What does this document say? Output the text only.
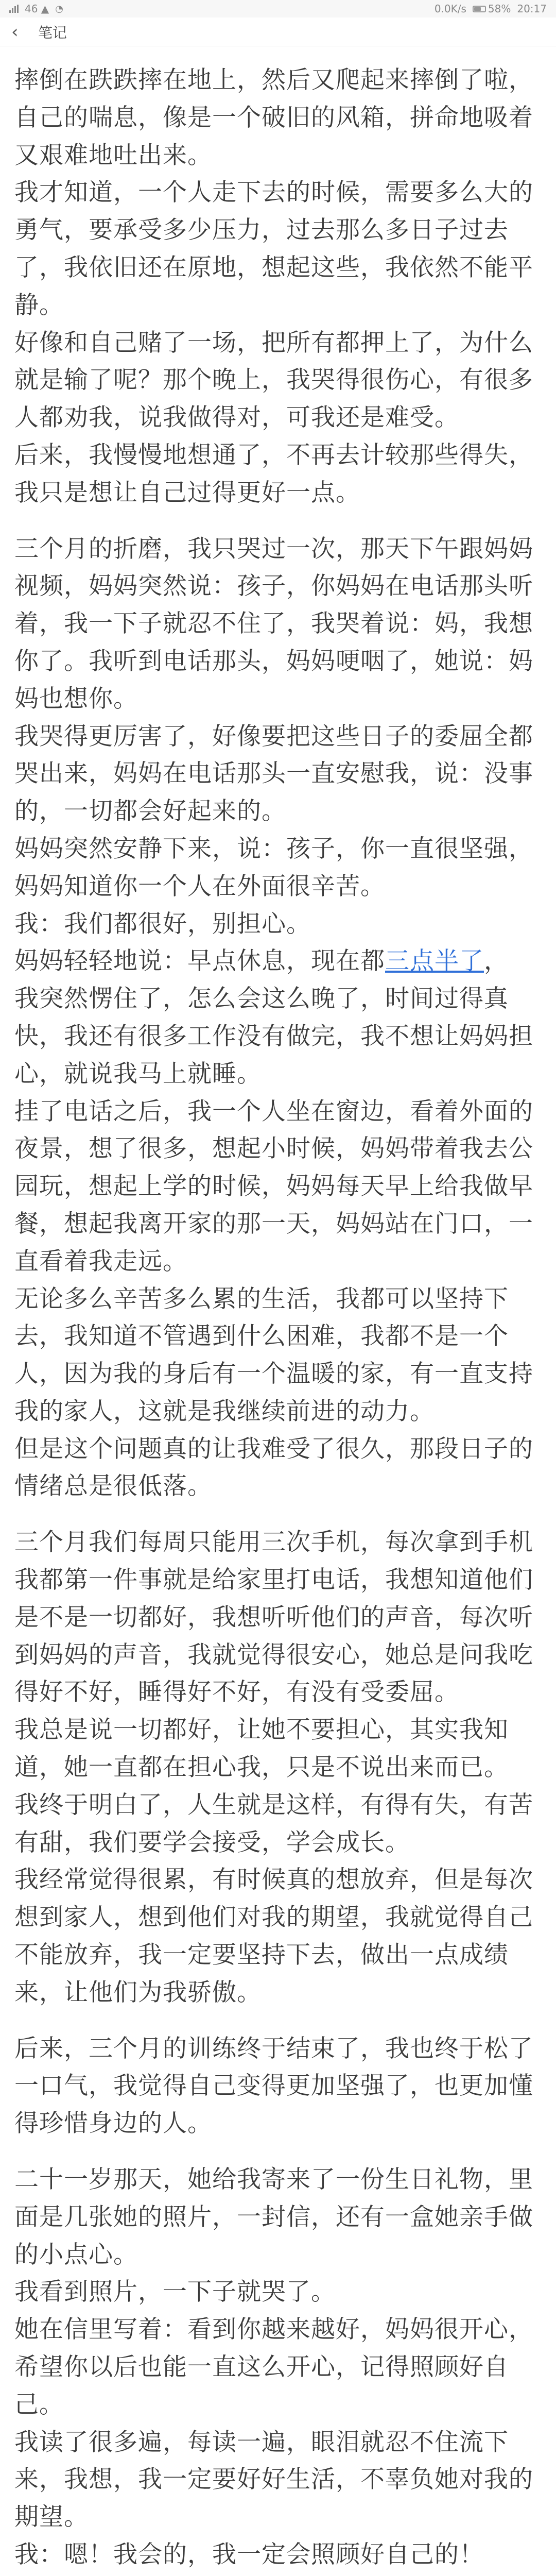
46 ▲ ◔	0.0K/s 58% 20:17
‹	笔记

摔倒在跌跌摔在地上，然后又爬起来摔倒了啦，自己的喘息，像是一个破旧的风箱，拼命地吸着又艰难地吐出来。

我才知道，一个人走下去的时候，需要多么大的勇气，要承受多少压力，过去那么多日子过去了，我依旧还在原地，想起这些，我依然不能平静。

好像和自己赌了一场，把所有都押上了，为什么就是输了呢？那个晚上，我哭得很伤心，有很多人都劝我，说我做得对，可我还是难受。

后来，我慢慢地想通了，不再去计较那些得失，我只是想让自己过得更好一点。

三个月的折磨，我只哭过一次，那天下午跟妈妈视频，妈妈突然说：孩子，你妈妈在电话那头听着，我一下子就忍不住了，我哭着说：妈，我想你了。我听到电话那头，妈妈哽咽了，她说：妈妈也想你。

我哭得更厉害了，好像要把这些日子的委屈全都哭出来，妈妈在电话那头一直安慰我，说：没事的，一切都会好起来的。

妈妈突然安静下来，说：孩子，你一直很坚强，妈妈知道你一个人在外面很辛苦。

我：我们都很好，别担心。

妈妈轻轻地说：早点休息，现在都三点半了，

我突然愣住了，怎么会这么晚了，时间过得真快，我还有很多工作没有做完，我不想让妈妈担心，就说我马上就睡。

挂了电话之后，我一个人坐在窗边，看着外面的夜景，想了很多，想起小时候，妈妈带着我去公园玩，想起上学的时候，妈妈每天早上给我做早餐，想起我离开家的那一天，妈妈站在门口，一直看着我走远。

无论多么辛苦多么累的生活，我都可以坚持下去，我知道不管遇到什么困难，我都不是一个人，因为我的身后有一个温暖的家，有一直支持我的家人，这就是我继续前进的动力。

但是这个问题真的让我难受了很久，那段日子的情绪总是很低落。

三个月我们每周只能用三次手机，每次拿到手机我都第一件事就是给家里打电话，我想知道他们是不是一切都好，我想听听他们的声音，每次听到妈妈的声音，我就觉得很安心，她总是问我吃得好不好，睡得好不好，有没有受委屈。

我总是说一切都好，让她不要担心，其实我知道，她一直都在担心我，只是不说出来而已。

我终于明白了，人生就是这样，有得有失，有苦有甜，我们要学会接受，学会成长。

我经常觉得很累，有时候真的想放弃，但是每次想到家人，想到他们对我的期望，我就觉得自己不能放弃，我一定要坚持下去，做出一点成绩来，让他们为我骄傲。

后来，三个月的训练终于结束了，我也终于松了一口气，我觉得自己变得更加坚强了，也更加懂得珍惜身边的人。

二十一岁那天，她给我寄来了一份生日礼物，里面是几张她的照片，一封信，还有一盒她亲手做的小点心。

我看到照片，一下子就哭了。

她在信里写着：看到你越来越好，妈妈很开心，希望你以后也能一直这么开心，记得照顾好自己。

我读了很多遍，每读一遍，眼泪就忍不住流下来，我想，我一定要好好生活，不辜负她对我的期望。

我：嗯！我会的，我一定会照顾好自己的！
